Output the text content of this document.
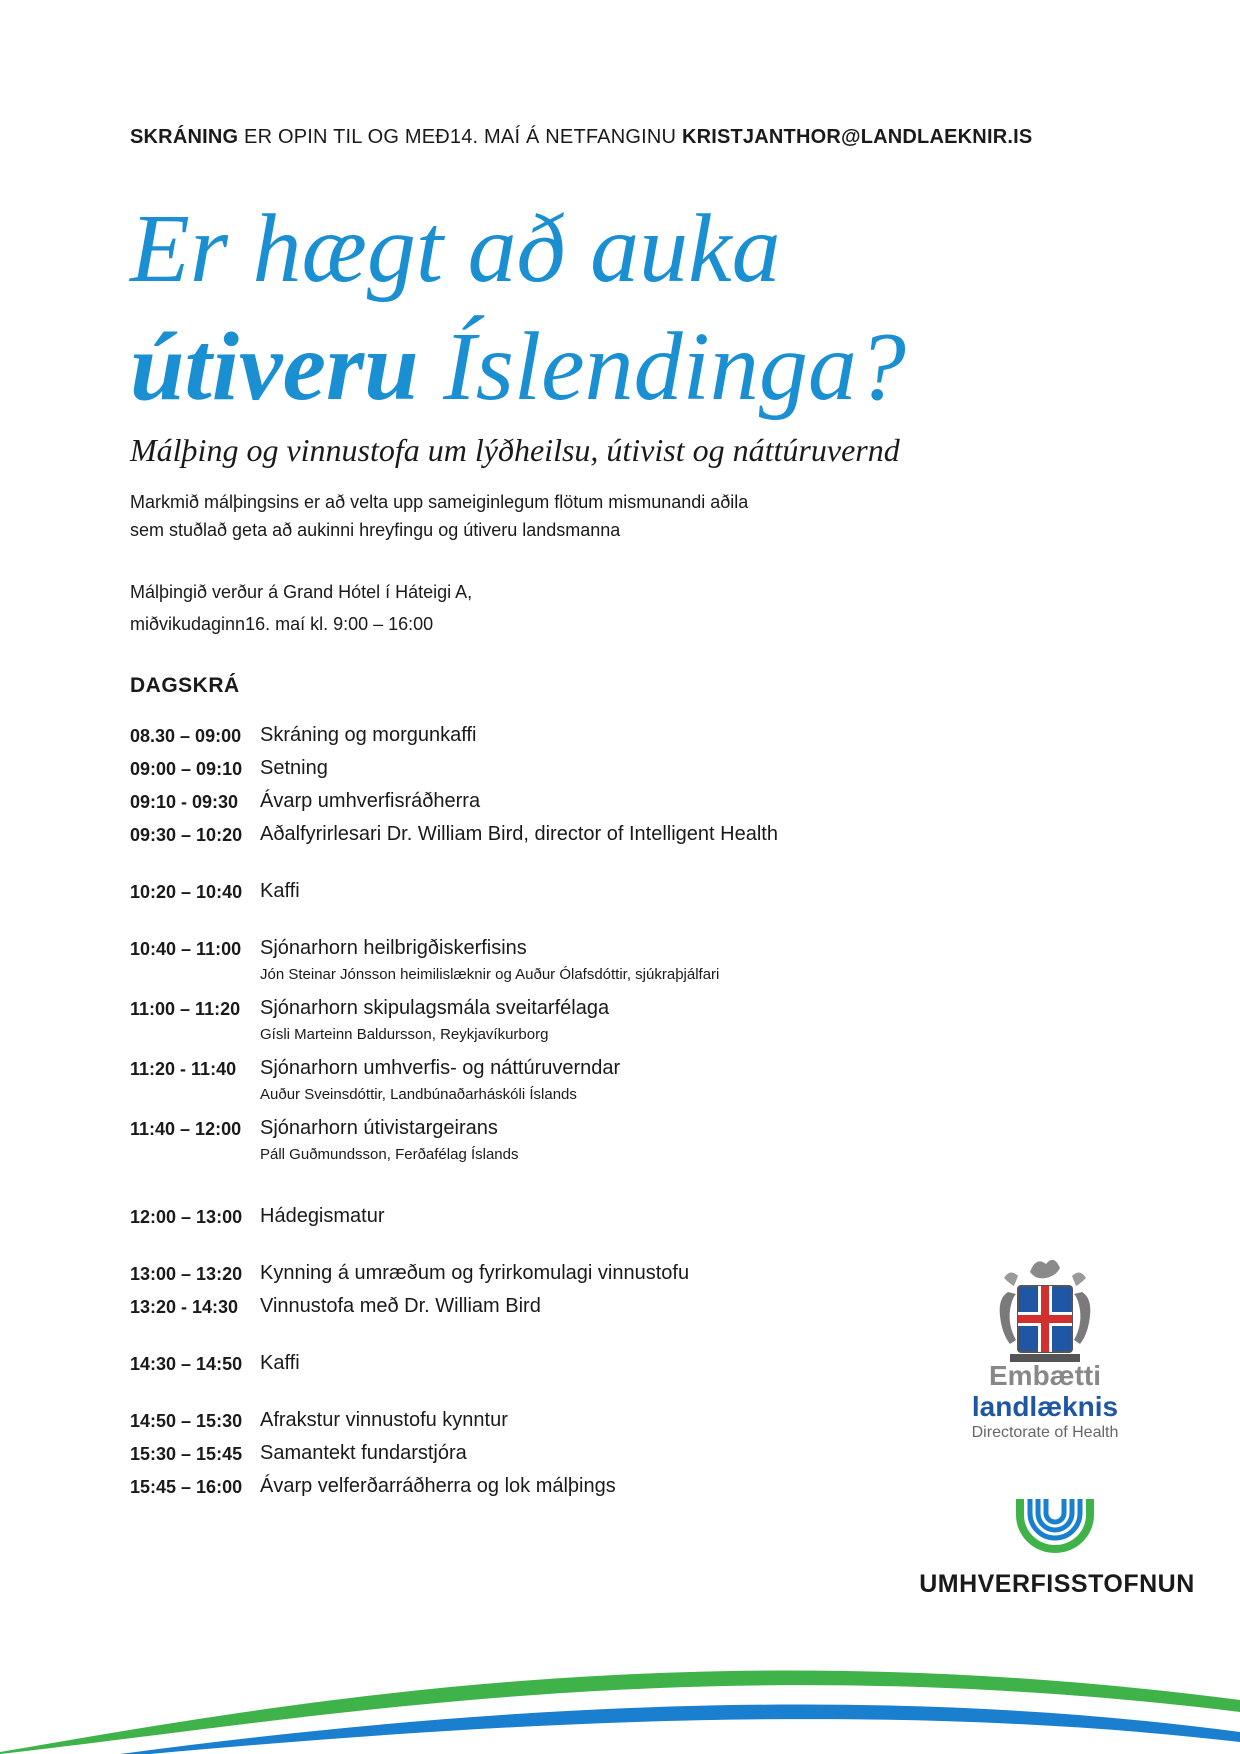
SKRÁNING ER OPIN TIL OG MEÐ14. MAÍ Á NETFANGINU KRISTJANTHOR@LANDLAEKNIR.IS
Er hægt að auka
útiveru Íslendinga?
Málþing og vinnustofa um lýðheilsu, útivist og náttúruvernd
Markmið málþingsins er að velta upp sameiginlegum flötum mismunandi aðila
sem stuðlað geta að aukinni hreyfingu og útiveru landsmanna
Málþingið verður á Grand Hótel í Háteigi A,
miðvikudaginn16. maí kl. 9:00 – 16:00
DAGSKRÁ
08.30 – 09:00 Skráning og morgunkaffi
09:00 – 09:10 Setning
09:10 - 09:30	Ávarp umhverfisráðherra
09:30 – 10:20 Aðalfyrirlesari Dr. William Bird, director of Intelligent Health
10:20 – 10:40 Kaffi
10:40 – 11:00 Sjónarhorn heilbrigðiskerfisins
Jón Steinar Jónsson heimilislæknir og Auður Ólafsdóttir, sjúkraþjálfari
11:00 – 11:20 Sjónarhorn skipulagsmála sveitarfélaga
Gísli Marteinn Baldursson, Reykjavíkurborg
11:20 - 11:40	Sjónarhorn umhverfis- og náttúruverndar
Auður Sveinsdóttir, Landbúnaðarháskóli Íslands
11:40 – 12:00 Sjónarhorn útivistargeirans
Páll Guðmundsson, Ferðafélag Íslands
12:00 – 13:00 Hádegismatur
13:00 – 13:20 Kynning á umræðum og fyrirkomulagi vinnustofu
13:20 - 14:30	Vinnustofa með Dr. William Bird
14:30 – 14:50 Kaffi
14:50 – 15:30 Afrakstur vinnustofu kynntur
15:30 – 15:45 Samantekt fundarstjóra
15:45 – 16:00 Ávarp velferðarráðherra og lok málþings
Embætti
landlæknis
Directorate of Health
UMHVERFISSTOFNUN
